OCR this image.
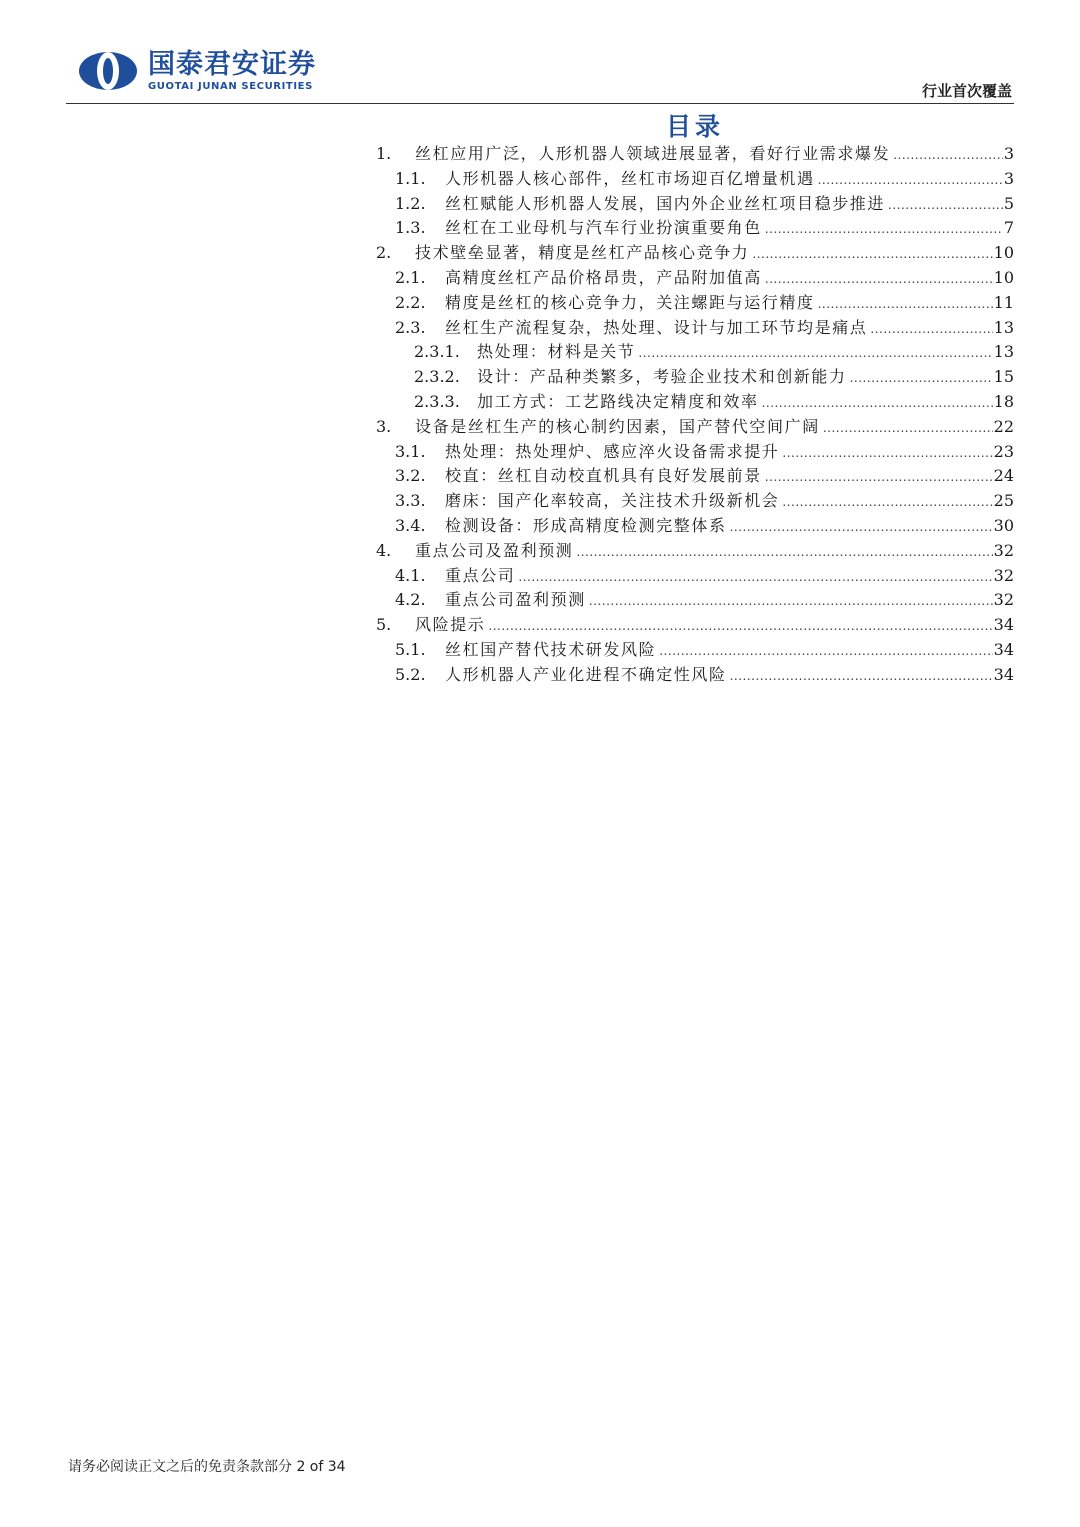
国泰君安证券
GUOTAI JUNAN SECURITIES	行业首次覆盖
目录
1.	丝杠应用广泛，人形机器人领域进展显著，看好行业需求爆发 .....	3
1.1.	人形机器人核心部件，丝杠市场迎百亿增量机遇 .....	3
1.2.	丝杠赋能人形机器人发展，国内外企业丝杠项目稳步推进 .....	5
1.3.	丝杠在工业母机与汽车行业扮演重要角色 .....	7
2.	技术壁垒显著，精度是丝杠产品核心竞争力 .....	10
2.1.	高精度丝杠产品价格昂贵，产品附加值高 .....	10
2.2.	精度是丝杠的核心竞争力，关注螺距与运行精度 .....	11
2.3.	丝杠生产流程复杂，热处理、设计与加工环节均是痛点 .....	13
2.3.1.	热处理：材料是关节 .....	13
2.3.2.	设计：产品种类繁多，考验企业技术和创新能力 .....	15
2.3.3.	加工方式：工艺路线决定精度和效率 .....	18
3.	设备是丝杠生产的核心制约因素，国产替代空间广阔 .....	22
3.1.	热处理：热处理炉、感应淬火设备需求提升 .....	23
3.2.	校直：丝杠自动校直机具有良好发展前景 .....	24
3.3.	磨床：国产化率较高，关注技术升级新机会 .....	25
3.4.	检测设备：形成高精度检测完整体系 .....	30
4.	重点公司及盈利预测 .....	32
4.1.	重点公司 .....	32
4.2.	重点公司盈利预测 .....	32
5.	风险提示 .....	34
5.1.	丝杠国产替代技术研发风险 .....	34
5.2.	人形机器人产业化进程不确定性风险 .....	34
请务必阅读正文之后的免责条款部分 2 of 34
